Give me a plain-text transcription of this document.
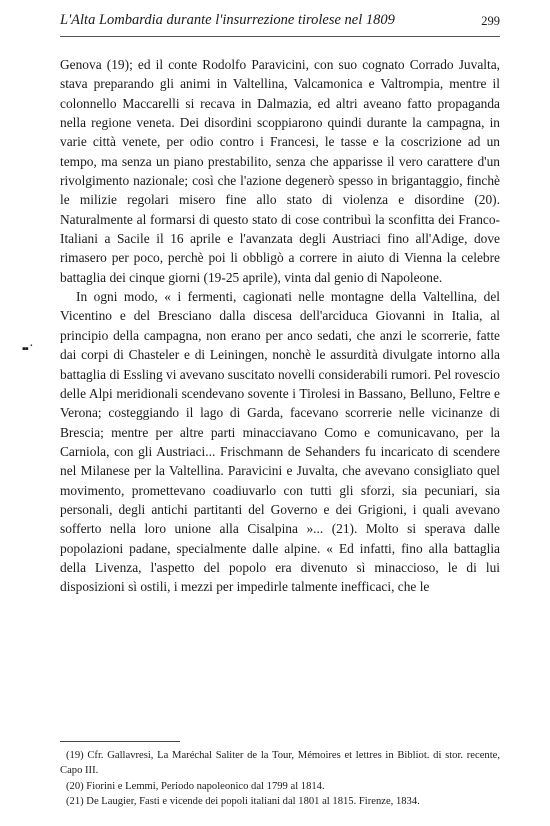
L'Alta Lombardia durante l'insurrezione tirolese nel 1809	299
▪▪ ˙

Genova (19); ed il conte Rodolfo Paravicini, con suo cognato Corrado Juvalta, stava preparando gli animi in Valtellina, Valcamonica e Valtrompia, mentre il colonnello Maccarelli si recava in Dalmazia, ed altri aveano fatto propaganda nella regione veneta. Dei disordini scoppiarono quindi durante la campagna, in varie città venete, per odio contro i Francesi, le tasse e la coscrizione ad un tempo, ma senza un piano prestabilito, senza che apparisse il vero carattere d'un rivolgimento nazionale; così che l'azione degenerò spesso in brigantaggio, finchè le milizie regolari misero fine allo stato di violenza e disordine (20). Naturalmente al formarsi di questo stato di cose contribuì la sconfitta dei Franco-Italiani a Sacile il 16 aprile e l'avanzata degli Austriaci fino all'Adige, dove rimasero per poco, perchè poi li obbligò a correre in aiuto di Vienna la celebre battaglia dei cinque giorni (19-25 aprile), vinta dal genio di Napoleone.

In ogni modo, « i fermenti, cagionati nelle montagne della Valtellina, del Vicentino e del Bresciano dalla discesa dell'arciduca Giovanni in Italia, al principio della campagna, non erano per anco sedati, che anzi le scorrerie, fatte dai corpi di Chasteler e di Leiningen, nonchè le assurdità divulgate intorno alla battaglia di Essling vi avevano suscitato novelli considerabili rumori. Pel rovescio delle Alpi meridionali scendevano sovente i Tirolesi in Bassano, Belluno, Feltre e Verona; costeggiando il lago di Garda, facevano scorrerie nelle vicinanze di Brescia; mentre per altre parti minacciavano Como e comunicavano, per la Carniola, con gli Austriaci... Frischmann de Sehanders fu incaricato di scendere nel Milanese per la Valtellina. Paravicini e Juvalta, che avevano consigliato quel movimento, promettevano coadiuvarlo con tutti gli sforzi, sia pecuniari, sia personali, degli antichi partitanti del Governo e dei Grigioni, i quali avevano sofferto nella loro unione alla Cisalpina »... (21). Molto si sperava dalle popolazioni padane, specialmente dalle alpine. « Ed infatti, fino alla battaglia della Livenza, l'aspetto del popolo era divenuto sì minaccioso, le di lui disposizioni sì ostili, i mezzi per impedirle talmente inefficaci, che le

(19) Cfr. Gallavresi, La Maréchal Saliter de la Tour, Mémoires et lettres in Bibliot. di stor. recente, Capo III.

(20) Fiorini e Lemmi, Periodo napoleonico dal 1799 al 1814.

(21) De Laugier, Fasti e vicende dei popoli italiani dal 1801 al 1815. Firenze, 1834.
